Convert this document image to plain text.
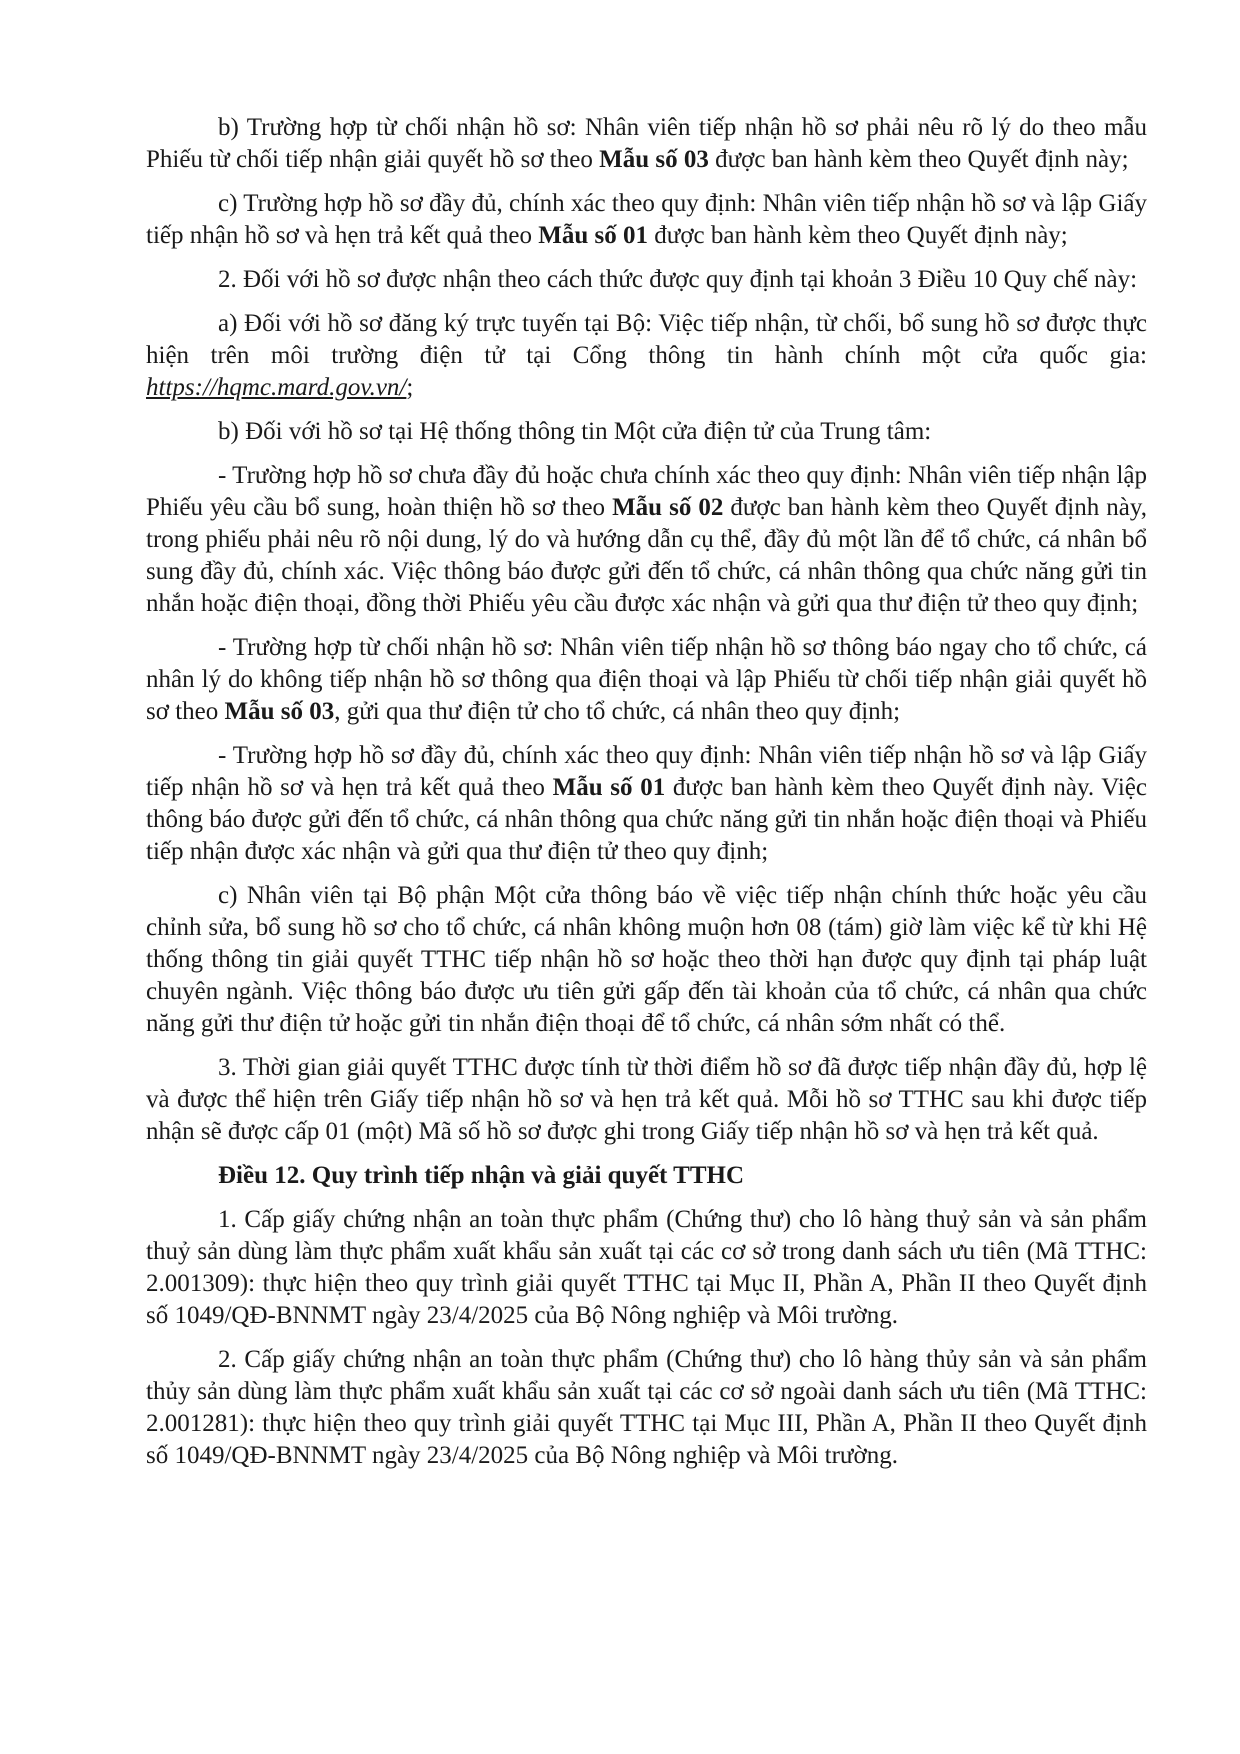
b) Trường hợp từ chối nhận hồ sơ: Nhân viên tiếp nhận hồ sơ phải nêu rõ lý do theo mẫu Phiếu từ chối tiếp nhận giải quyết hồ sơ theo Mẫu số 03 được ban hành kèm theo Quyết định này;

c) Trường hợp hồ sơ đầy đủ, chính xác theo quy định: Nhân viên tiếp nhận hồ sơ và lập Giấy tiếp nhận hồ sơ và hẹn trả kết quả theo Mẫu số 01 được ban hành kèm theo Quyết định này;

2. Đối với hồ sơ được nhận theo cách thức được quy định tại khoản 3 Điều 10 Quy chế này:

a) Đối với hồ sơ đăng ký trực tuyến tại Bộ: Việc tiếp nhận, từ chối, bổ sung hồ sơ được thực hiện trên môi trường điện tử tại Cổng thông tin hành chính một cửa quốc gia: https://hqmc.mard.gov.vn/;

b) Đối với hồ sơ tại Hệ thống thông tin Một cửa điện tử của Trung tâm:

- Trường hợp hồ sơ chưa đầy đủ hoặc chưa chính xác theo quy định: Nhân viên tiếp nhận lập Phiếu yêu cầu bổ sung, hoàn thiện hồ sơ theo Mẫu số 02 được ban hành kèm theo Quyết định này, trong phiếu phải nêu rõ nội dung, lý do và hướng dẫn cụ thể, đầy đủ một lần để tổ chức, cá nhân bổ sung đầy đủ, chính xác. Việc thông báo được gửi đến tổ chức, cá nhân thông qua chức năng gửi tin nhắn hoặc điện thoại, đồng thời Phiếu yêu cầu được xác nhận và gửi qua thư điện tử theo quy định;

- Trường hợp từ chối nhận hồ sơ: Nhân viên tiếp nhận hồ sơ thông báo ngay cho tổ chức, cá nhân lý do không tiếp nhận hồ sơ thông qua điện thoại và lập Phiếu từ chối tiếp nhận giải quyết hồ sơ theo Mẫu số 03, gửi qua thư điện tử cho tổ chức, cá nhân theo quy định;

- Trường hợp hồ sơ đầy đủ, chính xác theo quy định: Nhân viên tiếp nhận hồ sơ và lập Giấy tiếp nhận hồ sơ và hẹn trả kết quả theo Mẫu số 01 được ban hành kèm theo Quyết định này. Việc thông báo được gửi đến tổ chức, cá nhân thông qua chức năng gửi tin nhắn hoặc điện thoại và Phiếu tiếp nhận được xác nhận và gửi qua thư điện tử theo quy định;

c) Nhân viên tại Bộ phận Một cửa thông báo về việc tiếp nhận chính thức hoặc yêu cầu chỉnh sửa, bổ sung hồ sơ cho tổ chức, cá nhân không muộn hơn 08 (tám) giờ làm việc kể từ khi Hệ thống thông tin giải quyết TTHC tiếp nhận hồ sơ hoặc theo thời hạn được quy định tại pháp luật chuyên ngành. Việc thông báo được ưu tiên gửi gấp đến tài khoản của tổ chức, cá nhân qua chức năng gửi thư điện tử hoặc gửi tin nhắn điện thoại để tổ chức, cá nhân sớm nhất có thể.

3. Thời gian giải quyết TTHC được tính từ thời điểm hồ sơ đã được tiếp nhận đầy đủ, hợp lệ và được thể hiện trên Giấy tiếp nhận hồ sơ và hẹn trả kết quả. Mỗi hồ sơ TTHC sau khi được tiếp nhận sẽ được cấp 01 (một) Mã số hồ sơ được ghi trong Giấy tiếp nhận hồ sơ và hẹn trả kết quả.

Điều 12. Quy trình tiếp nhận và giải quyết TTHC

1. Cấp giấy chứng nhận an toàn thực phẩm (Chứng thư) cho lô hàng thuỷ sản và sản phẩm thuỷ sản dùng làm thực phẩm xuất khẩu sản xuất tại các cơ sở trong danh sách ưu tiên (Mã TTHC: 2.001309): thực hiện theo quy trình giải quyết TTHC tại Mục II, Phần A, Phần II theo Quyết định số 1049/QĐ-BNNMT ngày 23/4/2025 của Bộ Nông nghiệp và Môi trường.

2. Cấp giấy chứng nhận an toàn thực phẩm (Chứng thư) cho lô hàng thủy sản và sản phẩm thủy sản dùng làm thực phẩm xuất khẩu sản xuất tại các cơ sở ngoài danh sách ưu tiên (Mã TTHC: 2.001281): thực hiện theo quy trình giải quyết TTHC tại Mục III, Phần A, Phần II theo Quyết định số 1049/QĐ-BNNMT ngày 23/4/2025 của Bộ Nông nghiệp và Môi trường.
